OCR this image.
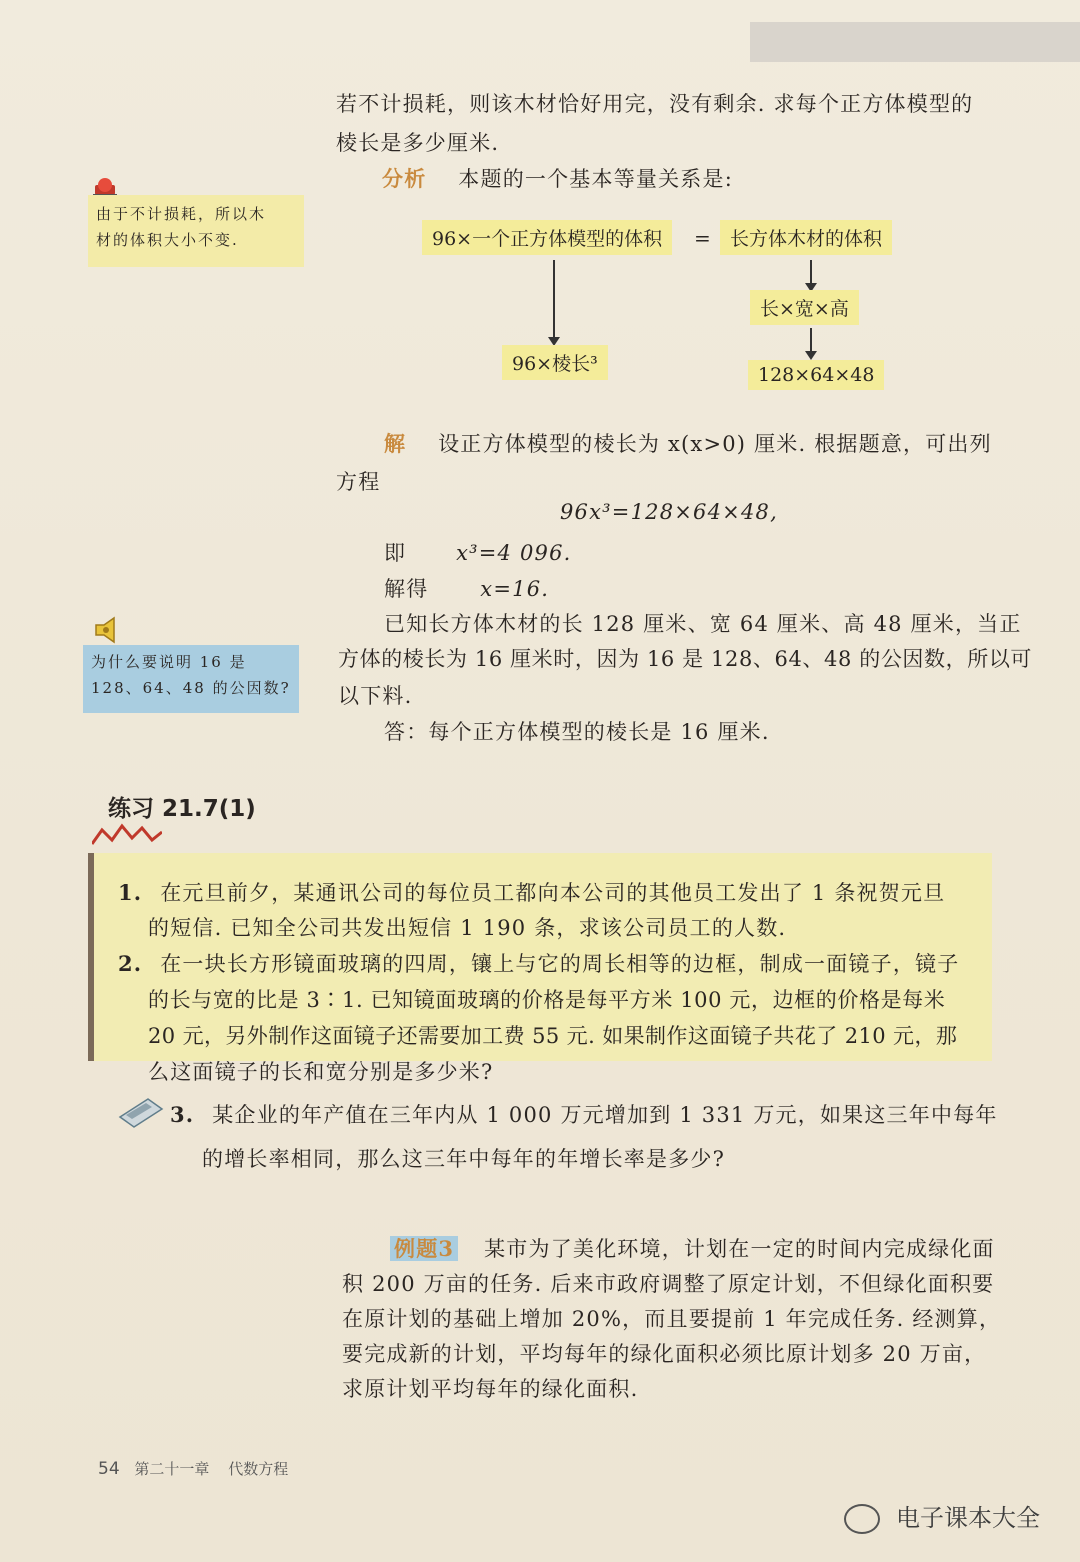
若不计损耗，则该木材恰好用完，没有剩余. 求每个正方体模型的
棱长是多少厘米.
分析 本题的一个基本等量关系是:
由于不计损耗，所以木
材的体积大小不变.	96×一个正方体模型的体积	=	长方体木材的体积
长×宽×高
96×棱长³	128×64×48
解 设正方体模型的棱长为 x(x>0) 厘米. 根据题意，可出列
方程
96x³=128×64×48,
即 x³=4 096.
解得 x=16.
已知长方体木材的长 128 厘米、宽 64 厘米、高 48 厘米，当正
方体的棱长为 16 厘米时，因为 16 是 128、64、48 的公因数，所以可
以下料.
答：每个正方体模型的棱长是 16 厘米.
为什么要说明 16 是
128、64、48 的公因数?
练习 21.7(1)
1. 在元旦前夕，某通讯公司的每位员工都向本公司的其他员工发出了 1 条祝贺元旦
的短信. 已知全公司共发出短信 1 190 条，求该公司员工的人数.
2. 在一块长方形镜面玻璃的四周，镶上与它的周长相等的边框，制成一面镜子，镜子
的长与宽的比是 3∶1. 已知镜面玻璃的价格是每平方米 100 元，边框的价格是每米
20 元，另外制作这面镜子还需要加工费 55 元. 如果制作这面镜子共花了 210 元，那
么这面镜子的长和宽分别是多少米?
3. 某企业的年产值在三年内从 1 000 万元增加到 1 331 万元，如果这三年中每年
的增长率相同，那么这三年中每年的年增长率是多少?
例题3 某市为了美化环境，计划在一定的时间内完成绿化面
积 200 万亩的任务. 后来市政府调整了原定计划，不但绿化面积要
在原计划的基础上增加 20%，而且要提前 1 年完成任务. 经测算，
要完成新的计划，平均每年的绿化面积必须比原计划多 20 万亩，
求原计划平均每年的绿化面积.
54 第二十一章 代数方程
电子课本大全
